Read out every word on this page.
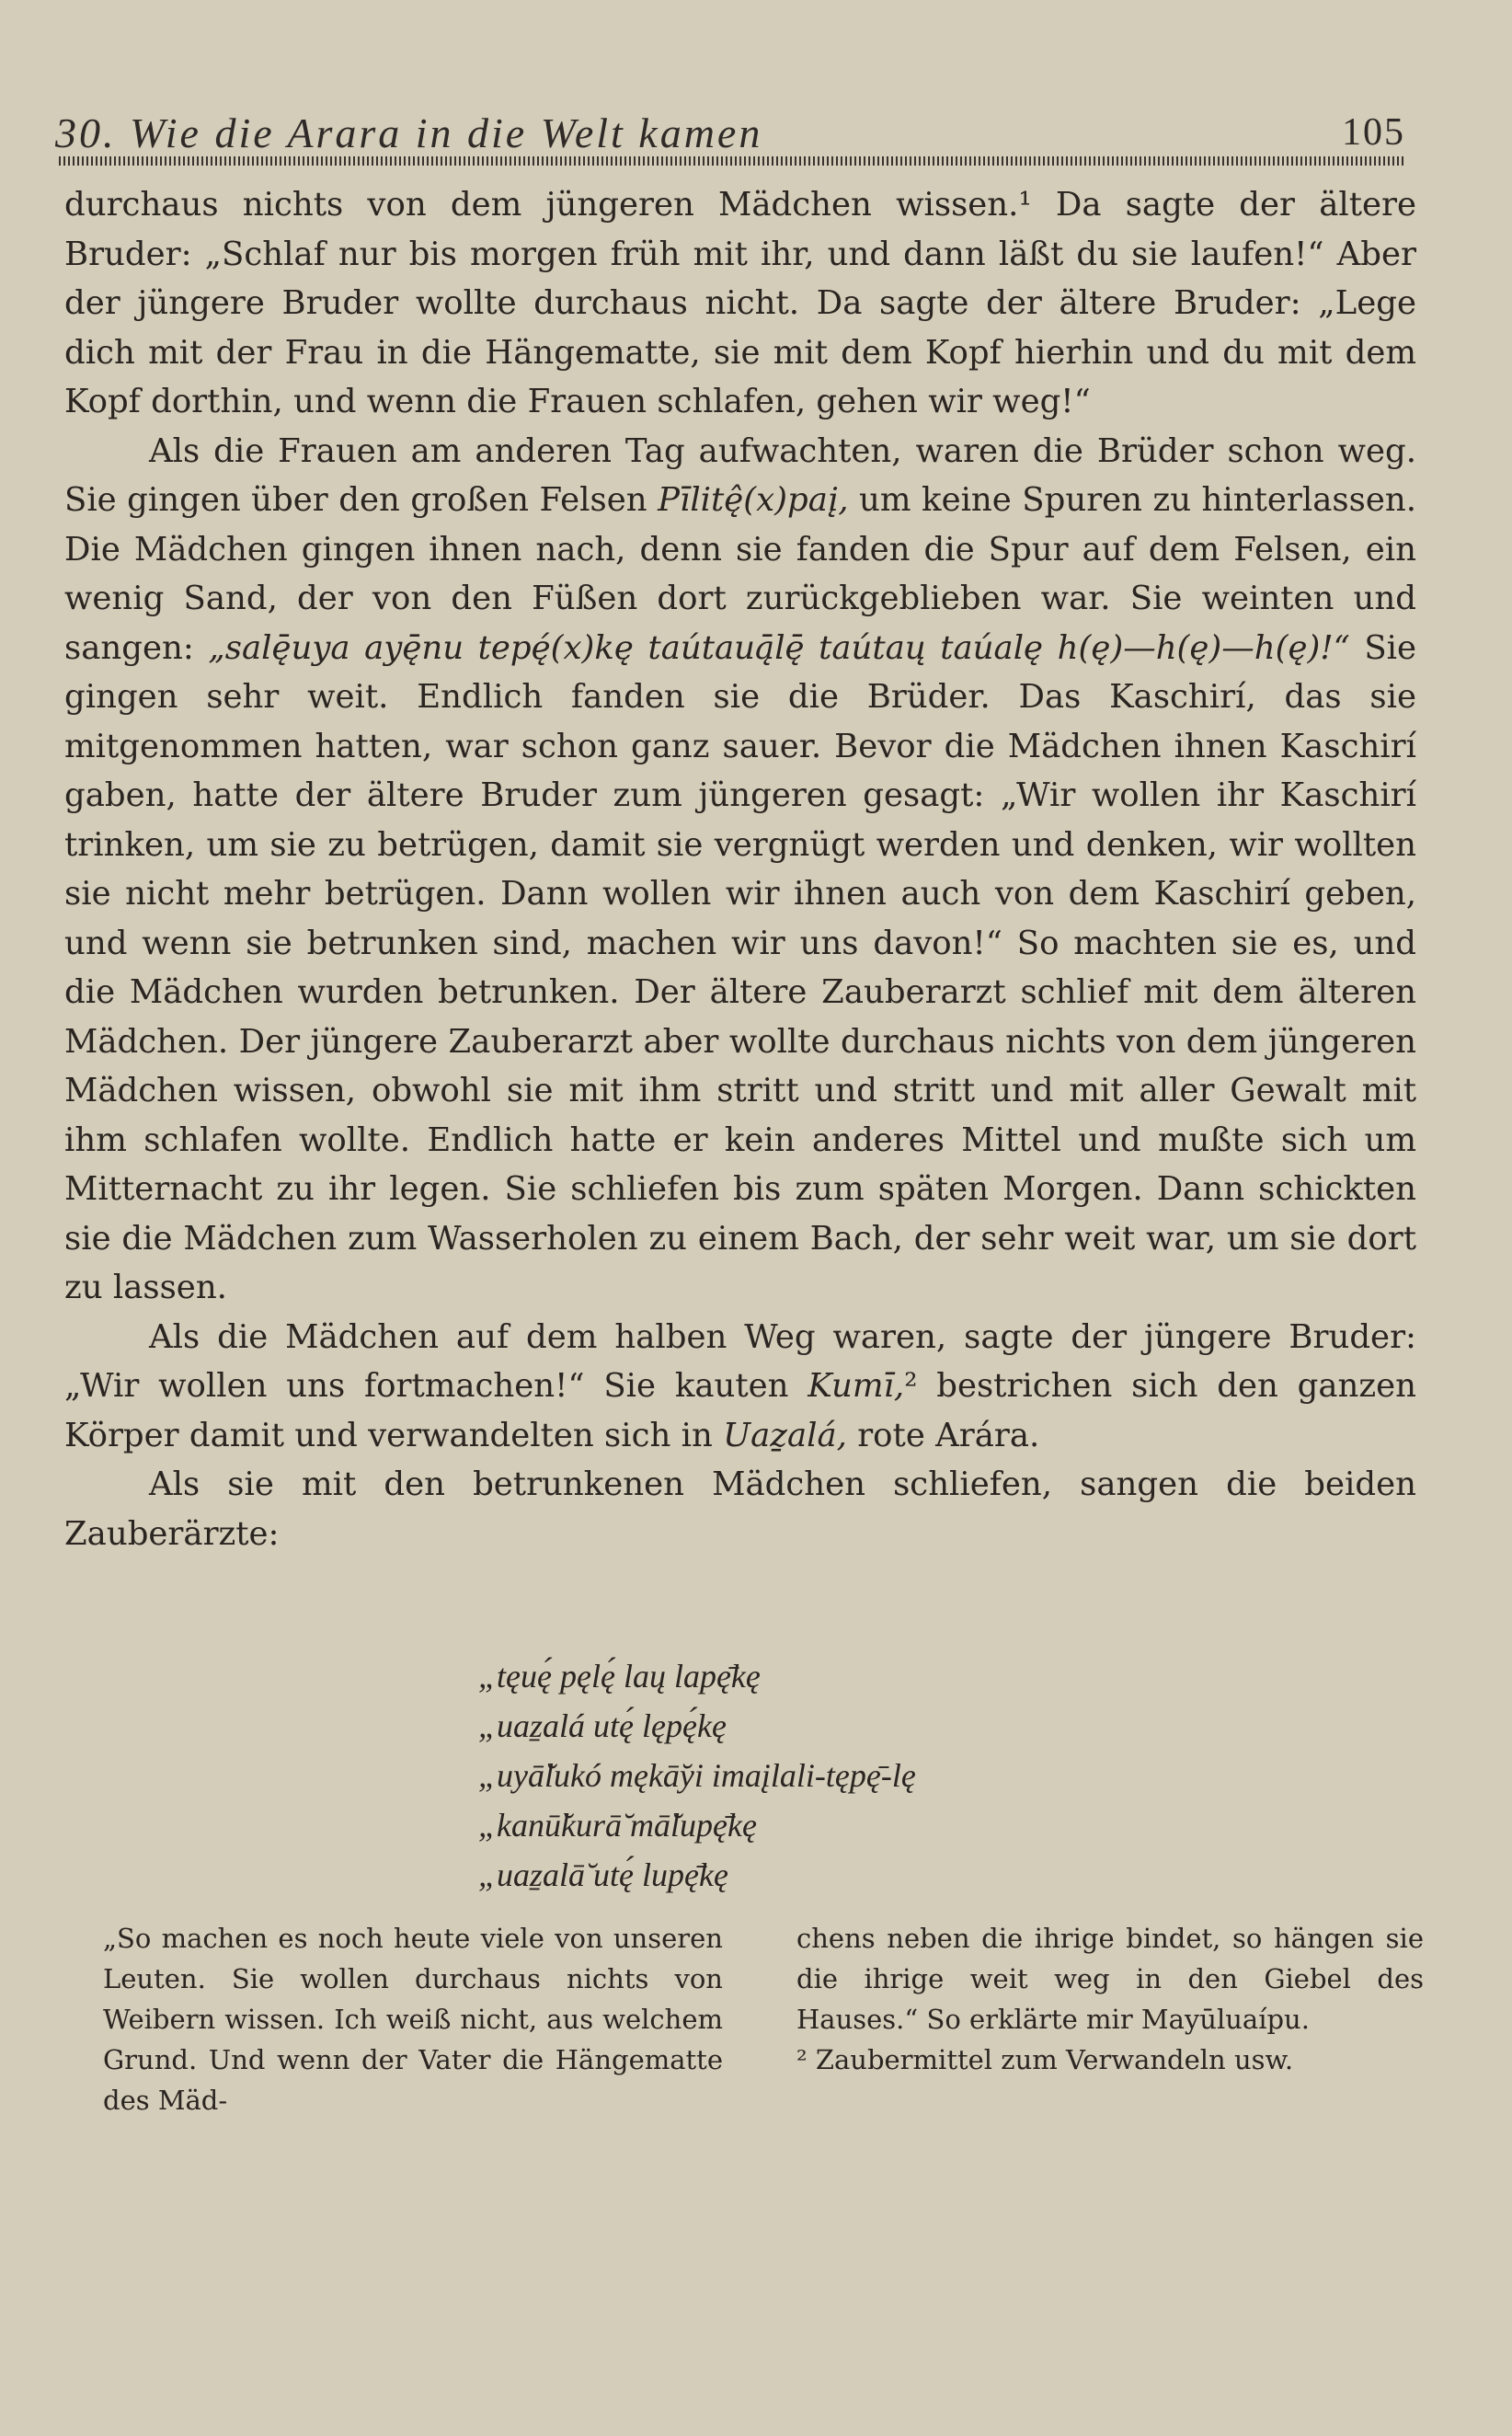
30. Wie die Arara in die Welt kamen	105

durchaus nichts von dem jüngeren Mädchen wissen.¹ Da sagte der ältere Bruder: „Schlaf nur bis morgen früh mit ihr, und dann läßt du sie laufen!“ Aber der jüngere Bruder wollte durchaus nicht. Da sagte der ältere Bruder: „Lege dich mit der Frau in die Hängematte, sie mit dem Kopf hierhin und du mit dem Kopf dorthin, und wenn die Frauen schlafen, gehen wir weg!“

Als die Frauen am anderen Tag aufwachten, waren die Brüder schon weg. Sie gingen über den großen Felsen Pīlitę̂(x)paį, um keine Spuren zu hinterlassen. Die Mädchen gingen ihnen nach, denn sie fanden die Spur auf dem Felsen, ein wenig Sand, der von den Füßen dort zurückgeblieben war. Sie weinten und sangen: „salę̄uya ayę̄nu tepę́(x)kę taútauą̄lę̄ taútaų taúalę h(ę)—h(ę)—h(ę)!“ Sie gingen sehr weit. Endlich fanden sie die Brüder. Das Kaschirí, das sie mitgenommen hatten, war schon ganz sauer. Bevor die Mädchen ihnen Kaschirí gaben, hatte der ältere Bruder zum jüngeren gesagt: „Wir wollen ihr Kaschirí trinken, um sie zu betrügen, damit sie vergnügt werden und denken, wir wollten sie nicht mehr betrügen. Dann wollen wir ihnen auch von dem Kaschirí geben, und wenn sie betrunken sind, machen wir uns davon!“ So machten sie es, und die Mädchen wurden betrunken. Der ältere Zauberarzt schlief mit dem älteren Mädchen. Der jüngere Zauberarzt aber wollte durchaus nichts von dem jüngeren Mädchen wissen, obwohl sie mit ihm stritt und stritt und mit aller Gewalt mit ihm schlafen wollte. Endlich hatte er kein anderes Mittel und mußte sich um Mitternacht zu ihr legen. Sie schliefen bis zum späten Morgen. Dann schickten sie die Mädchen zum Wasserholen zu einem Bach, der sehr weit war, um sie dort zu lassen.

Als die Mädchen auf dem halben Weg waren, sagte der jüngere Bruder: „Wir wollen uns fortmachen!“ Sie kauten Kumī,² bestrichen sich den ganzen Körper damit und verwandelten sich in Uaẕalá, rote Arára.

Als sie mit den betrunkenen Mädchen schliefen, sangen die beiden Zauberärzte:

„tęuę́ pęlę́ laų lapę̄kę
„uaẕalá utę́ lępę́kę
„uyā̆lukó mękā̆yi imaįlali-tępę̄-lę
„kanū̆kurā̆ mā̆lupę̄kę
„uaẕalā̆ utę́ lupę̄kę

„So machen es noch heute viele von unseren Leuten. Sie wollen durchaus nichts von Weibern wissen. Ich weiß nicht, aus welchem Grund. Und wenn der Vater die Hängematte des Mäd-

chens neben die ihrige bindet, so hängen sie die ihrige weit weg in den Giebel des Hauses.“ So erklärte mir Mayūluaípu.

² Zaubermittel zum Verwandeln usw.
